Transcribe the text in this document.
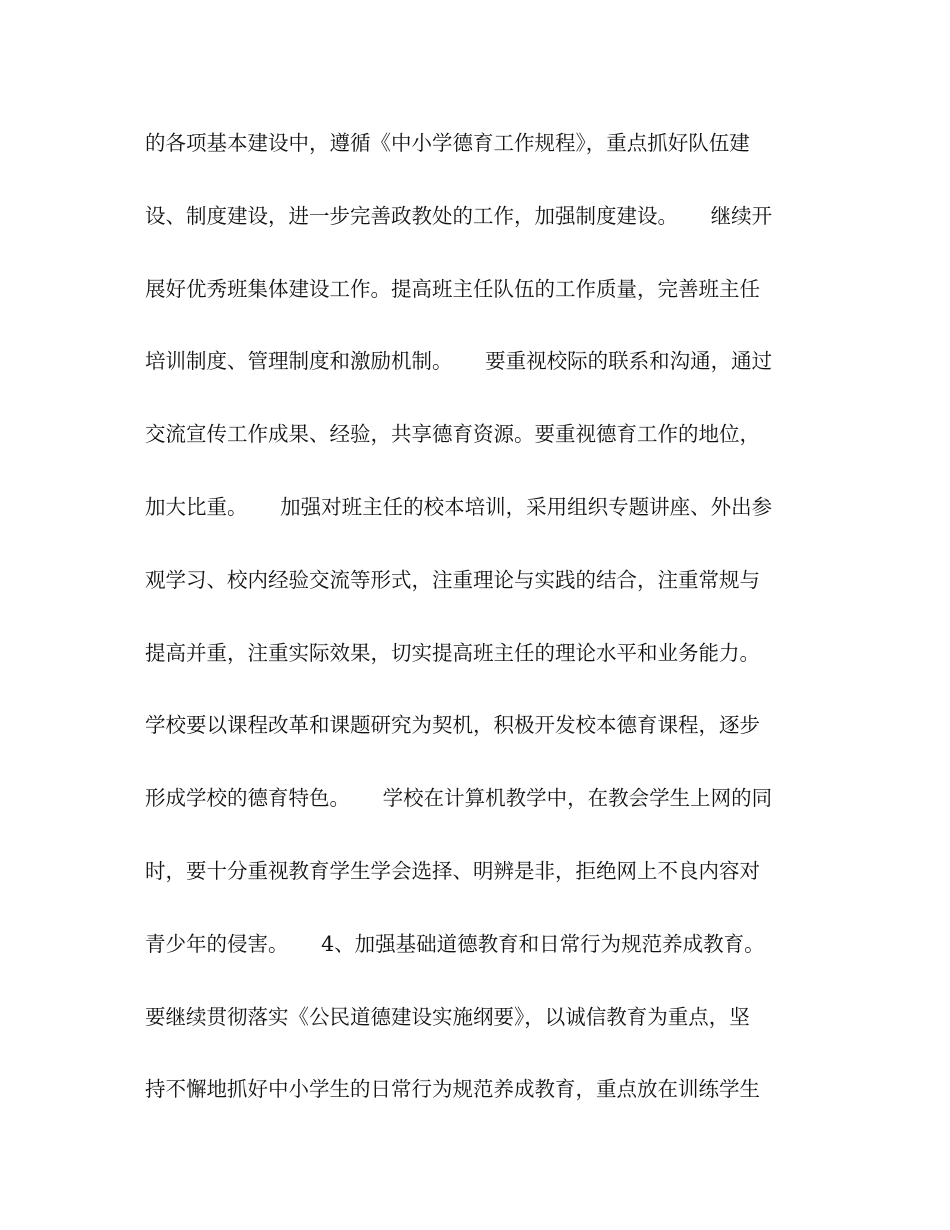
的各项基本建设中，遵循《中小学德育工作规程》，重点抓好队伍建
设、制度建设，进一步完善政教处的工作，加强制度建设。     继续开
展好优秀班集体建设工作。提高班主任队伍的工作质量，完善班主任
培训制度、管理制度和激励机制。     要重视校际的联系和沟通，通过
交流宣传工作成果、经验，共享德育资源。要重视德育工作的地位，
加大比重。     加强对班主任的校本培训，采用组织专题讲座、外出参
观学习、校内经验交流等形式，注重理论与实践的结合，注重常规与
提高并重，注重实际效果，切实提高班主任的理论水平和业务能力。
学校要以课程改革和课题研究为契机，积极开发校本德育课程，逐步
形成学校的德育特色。     学校在计算机教学中，在教会学生上网的同
时，要十分重视教育学生学会选择、明辨是非，拒绝网上不良内容对
青少年的侵害。     4、加强基础道德教育和日常行为规范养成教育。
要继续贯彻落实《公民道德建设实施纲要》，以诚信教育为重点，坚
持不懈地抓好中小学生的日常行为规范养成教育，重点放在训练学生
